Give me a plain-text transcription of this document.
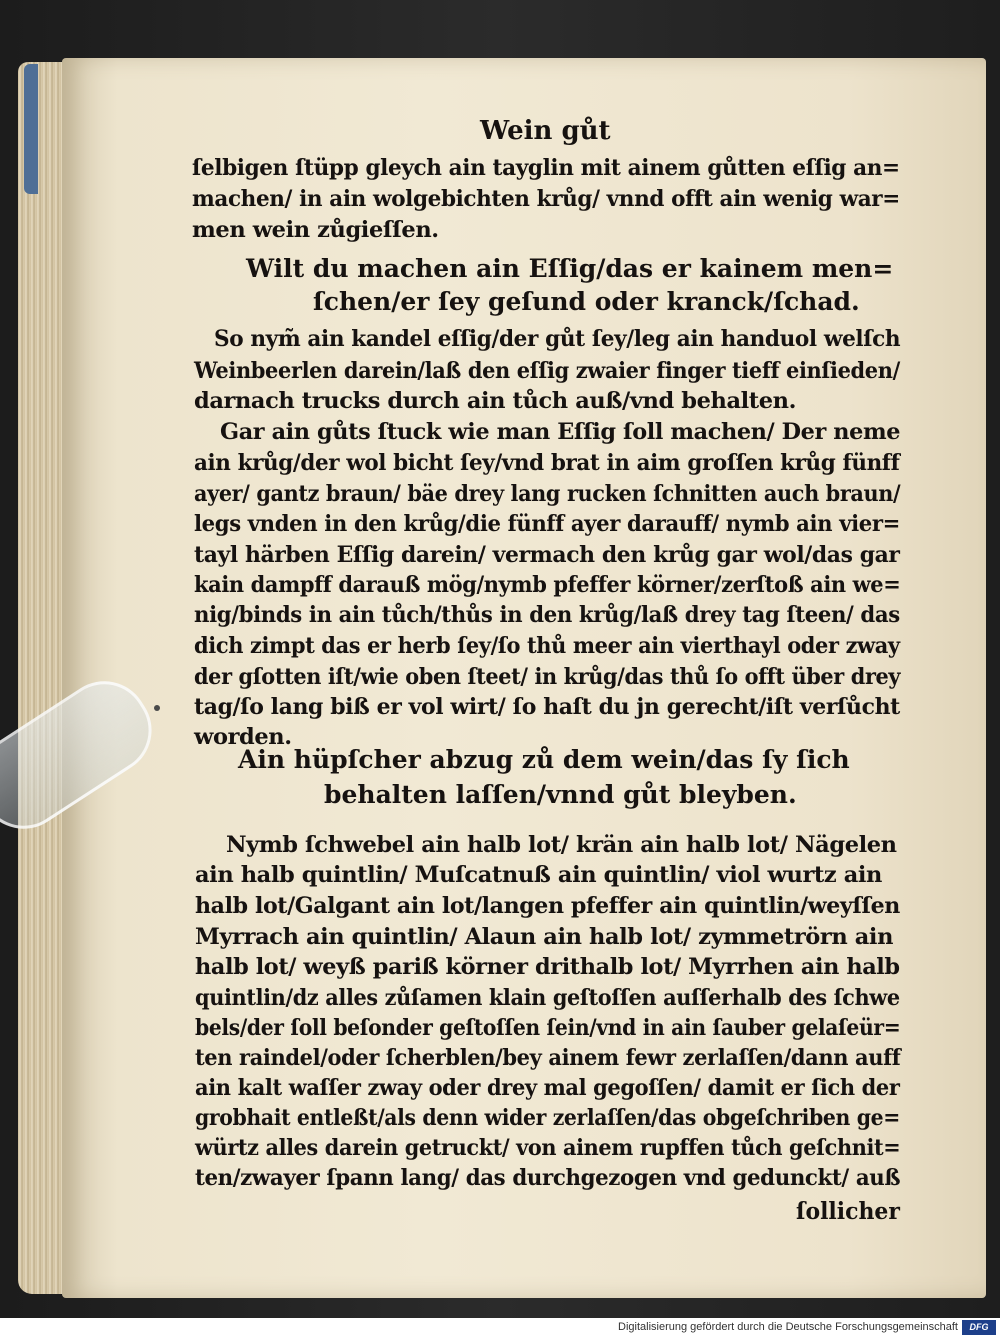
Wein gůt

ſelbigen ſtüpp gleych ain tayglin mit ainem gůtten eſſig an=

machen/ in ain wolgebichten krůg/ vnnd offt ain wenig war=

men wein zůgieſſen.

Wilt du machen ain Eſſig/das er kainem men=

ſchen/er ſey geſund oder kranck/ſchad.

So nym̃ ain kandel eſſig/der gůt ſey/leg ain handuol welſch

Weinbeerlen darein/laß den eſſig zwaier finger tieff einſieden/

darnach trucks durch ain tůch auß/vnd behalten.

Gar ain gůts ſtuck wie man Eſſig ſoll machen/ Der neme

ain krůg/der wol bicht ſey/vnd brat in aim groſſen krůg fünff

ayer/ gantz braun/ bäe drey lang rucken ſchnitten auch braun/

legs vnden in den krůg/die fünff ayer darauff/ nymb ain vier=

tayl härben Eſſig darein/ vermach den krůg gar wol/das gar

kain dampff darauß mög/nymb pfeffer körner/zerſtoß ain we=

nig/binds in ain tůch/thůs in den krůg/laß drey tag ſteen/ das

dich zimpt das er herb ſey/ſo thů meer ain vierthayl oder zway

der gſotten iſt/wie oben ſteet/ in krůg/das thů ſo offt über drey

tag/ſo lang biß er vol wirt/ ſo haſt du jn gerecht/iſt verſůcht

worden.

Ain hüpſcher abzug zů dem wein/das ſy ſich

behalten laſſen/vnnd gůt bleyben.

Nymb ſchwebel ain halb lot/ krän ain halb lot/ Nägelen

ain halb quintlin/ Muſcatnuß ain quintlin/ viol wurtz ain

halb lot/Galgant ain lot/langen pfeffer ain quintlin/weyſſen

Myrrach ain quintlin/ Alaun ain halb lot/ zymmetrörn ain

halb lot/ weyß pariß körner drithalb lot/ Myrrhen ain halb

quintlin/dz alles zůſamen klain geſtoſſen auſſerhalb des ſchwe

bels/der ſoll beſonder geſtoſſen ſein/vnd in ain ſauber gelaſeür=

ten raindel/oder ſcherblen/bey ainem fewr zerlaſſen/dann auff

ain kalt waſſer zway oder drey mal gegoſſen/ damit er ſich der

grobhait entleßt/als denn wider zerlaſſen/das obgeſchriben ge=

würtz alles darein getruckt/ von ainem rupffen tůch geſchnit=

ten/zwayer ſpann lang/ das durchgezogen vnd gedunckt/ auß

ſollicher

Digitalisierung gefördert durch die Deutsche Forschungsgemeinschaft	DFG
